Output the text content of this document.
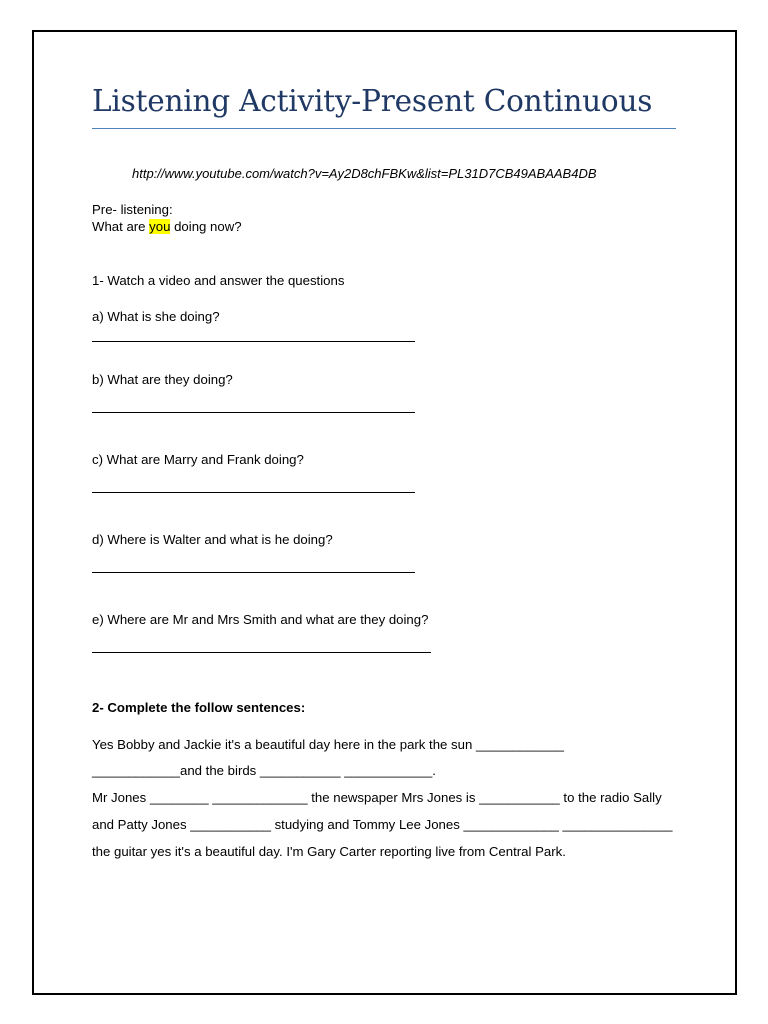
Listening Activity-Present Continuous
http://www.youtube.com/watch?v=Ay2D8chFBKw&list=PL31D7CB49ABAAB4DB
Pre- listening:
What are you doing now?
1- Watch a video and answer the questions
a) What is she doing?
b) What are they doing?
c) What are Marry and Frank doing?
d) Where is Walter and what is he doing?
e) Where are Mr and Mrs Smith and what are they doing?
2- Complete the follow sentences:
Yes Bobby and Jackie it's a beautiful day here in the park the sun ____________
____________and the birds ___________ ____________.
Mr Jones ________ _____________ the newspaper Mrs Jones is ___________ to the radio Sally
and Patty Jones ___________ studying and Tommy Lee Jones _____________ _______________
the guitar yes it's a beautiful day. I'm Gary Carter reporting live from Central Park.
